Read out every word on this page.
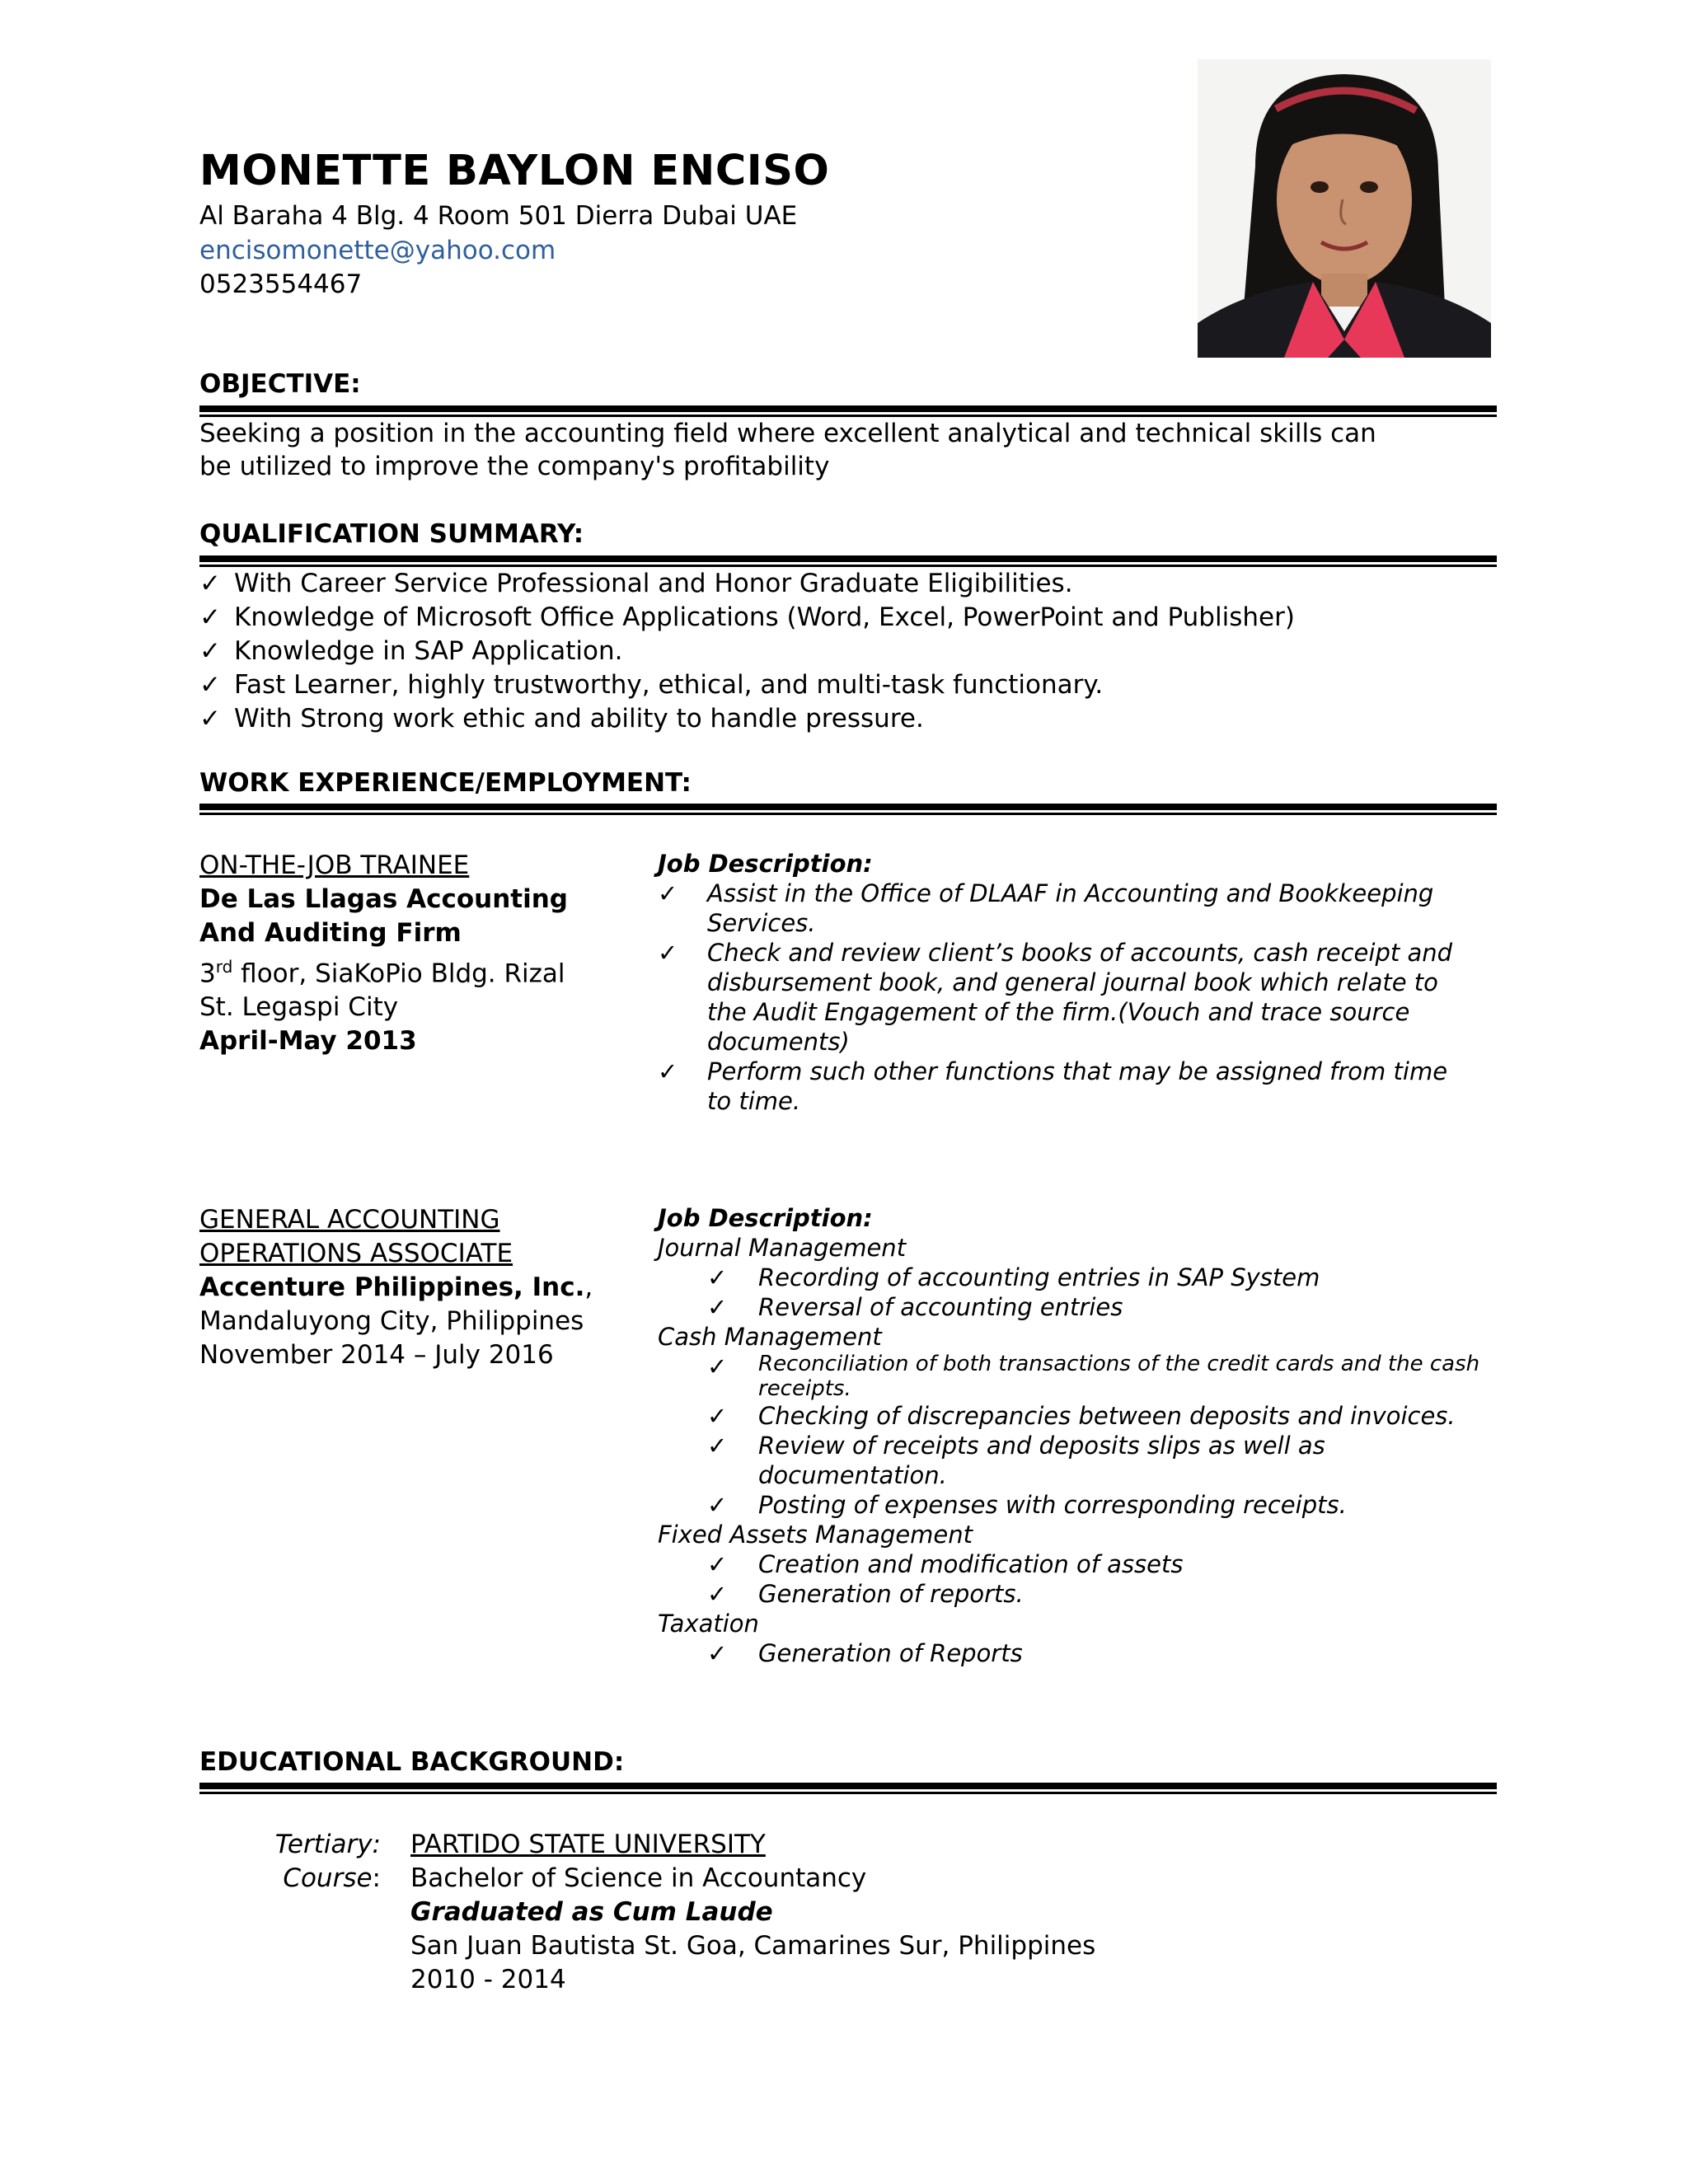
MONETTE BAYLON ENCISO
Al Baraha 4 Blg. 4 Room 501 Dierra Dubai UAE
encisomonette@yahoo.com
0523554467
OBJECTIVE:
Seeking a position in the accounting field where excellent analytical and technical skills can
be utilized to improve the company's profitability
QUALIFICATION SUMMARY:
✓ With Career Service Professional and Honor Graduate Eligibilities.
✓ Knowledge of Microsoft Office Applications (Word, Excel, PowerPoint and Publisher)
✓ Knowledge in SAP Application.
✓ Fast Learner, highly trustworthy, ethical, and multi-task functionary.
✓ With Strong work ethic and ability to handle pressure.
WORK EXPERIENCE/EMPLOYMENT:
ON-THE-JOB TRAINEE
De Las Llagas Accounting
And Auditing Firm
3rd floor, SiaKoPio Bldg. Rizal
St. Legaspi City
April-May 2013
Job Description:
✓	Assist in the Office of DLAAF in Accounting and Bookkeeping
Services.
✓	Check and review client’s books of accounts, cash receipt and
disbursement book, and general journal book which relate to
the Audit Engagement of the firm.(Vouch and trace source
documents)
✓	Perform such other functions that may be assigned from time
to time.
GENERAL ACCOUNTING
OPERATIONS ASSOCIATE
Accenture Philippines, Inc.,
Mandaluyong City, Philippines
November 2014 – July 2016
Job Description:
Journal Management
✓	Recording of accounting entries in SAP System
✓	Reversal of accounting entries
Cash Management
✓	Reconciliation of both transactions of the credit cards and the cash
receipts.
✓	Checking of discrepancies between deposits and invoices.
✓	Review of receipts and deposits slips as well as
documentation.
✓	Posting of expenses with corresponding receipts.
Fixed Assets Management
✓	Creation and modification of assets
✓	Generation of reports.
Taxation
✓	Generation of Reports
EDUCATIONAL BACKGROUND:
Tertiary:	PARTIDO STATE UNIVERSITY
Course:	Bachelor of Science in Accountancy
Graduated as Cum Laude
San Juan Bautista St. Goa, Camarines Sur, Philippines
2010 - 2014
